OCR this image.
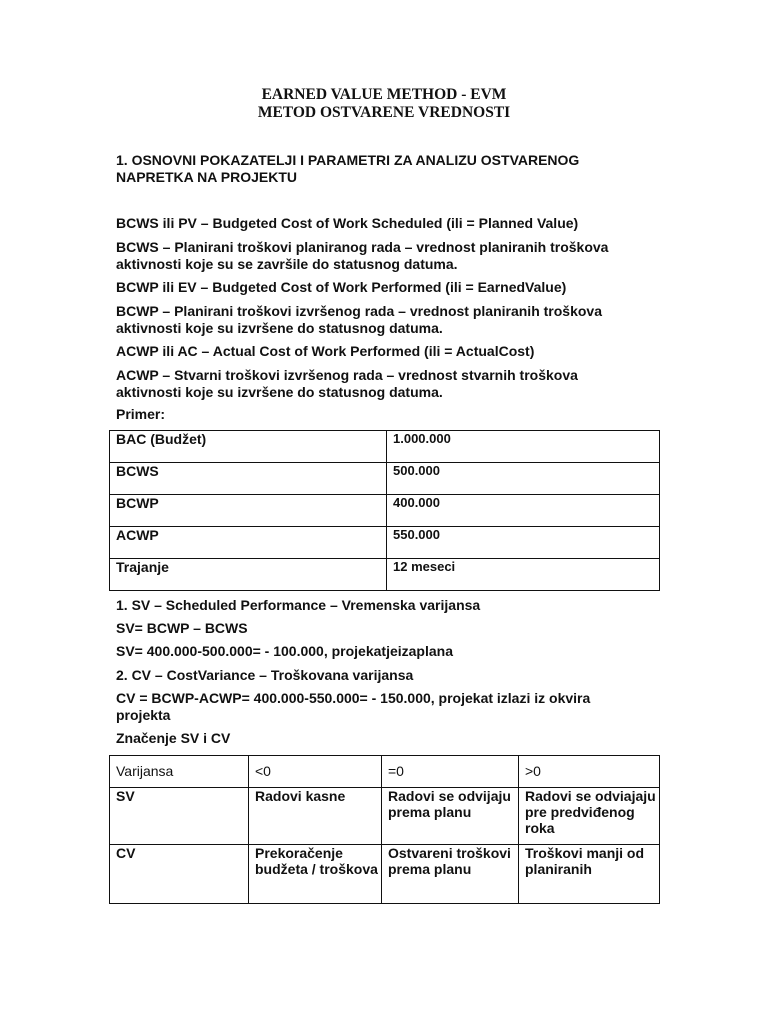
EARNED VALUE METHOD - EVM
METOD OSTVARENE VREDNOSTI
1. OSNOVNI POKAZATELJI I PARAMETRI ZA ANALIZU OSTVARENOG NAPRETKA NA PROJEKTU
BCWS ili PV – Budgeted Cost of Work Scheduled (ili = Planned Value)
BCWS – Planirani troškovi planiranog rada – vrednost planiranih troškova aktivnosti koje su se završile do statusnog datuma.
BCWP ili EV – Budgeted Cost of Work Performed (ili = EarnedValue)
BCWP – Planirani troškovi izvršenog rada – vrednost planiranih troškova aktivnosti koje su izvršene do statusnog datuma.
ACWP ili AC – Actual Cost of Work Performed (ili = ActualCost)
ACWP – Stvarni troškovi izvršenog rada – vrednost stvarnih troškova aktivnosti koje su izvršene do statusnog datuma.
Primer:
BAC (Budžet)	1.000.000
BCWS	500.000
BCWP	400.000
ACWP	550.000
Trajanje	12 meseci
1. SV – Scheduled Performance – Vremenska varijansa
SV= BCWP – BCWS
SV= 400.000-500.000= - 100.000, projekatjeizaplana
2. CV – CostVariance – Troškovana varijansa
CV = BCWP-ACWP= 400.000-550.000= - 150.000, projekat izlazi iz okvira projekta
Značenje SV i CV
Varijansa	<0	=0	>0
SV	Radovi kasne	Radovi se odvijaju prema planu	Radovi se odviajaju pre predviđenog roka
CV	Prekoračenje budžeta / troškova	Ostvareni troškovi prema planu	Troškovi manji od planiranih
